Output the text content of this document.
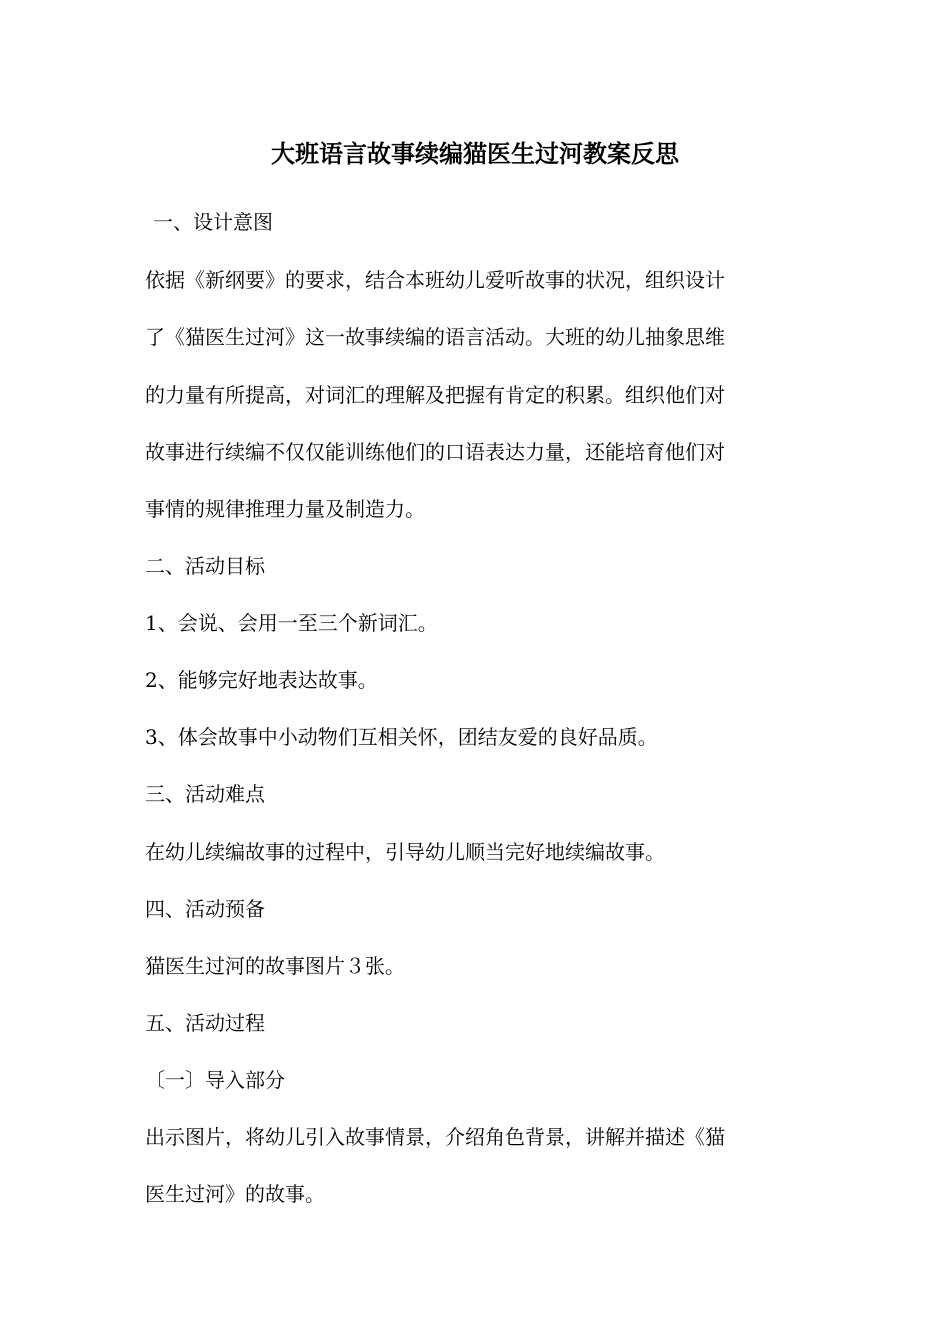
大班语言故事续编猫医生过河教案反思

一、设计意图

依据《新纲要》的要求，结合本班幼儿爱听故事的状况，组织设计

了《猫医生过河》这一故事续编的语言活动。大班的幼儿抽象思维

的力量有所提高，对词汇的理解及把握有肯定的积累。组织他们对

故事进行续编不仅仅能训练他们的口语表达力量，还能培育他们对

事情的规律推理力量及制造力。

二、活动目标

1、会说、会用一至三个新词汇。

2、能够完好地表达故事。

3、体会故事中小动物们互相关怀，团结友爱的良好品质。

三、活动难点

在幼儿续编故事的过程中，引导幼儿顺当完好地续编故事。

四、活动预备

猫医生过河的故事图片３张。

五、活动过程

〔一〕导入部分

出示图片，将幼儿引入故事情景，介绍角色背景，讲解并描述《猫

医生过河》的故事。
